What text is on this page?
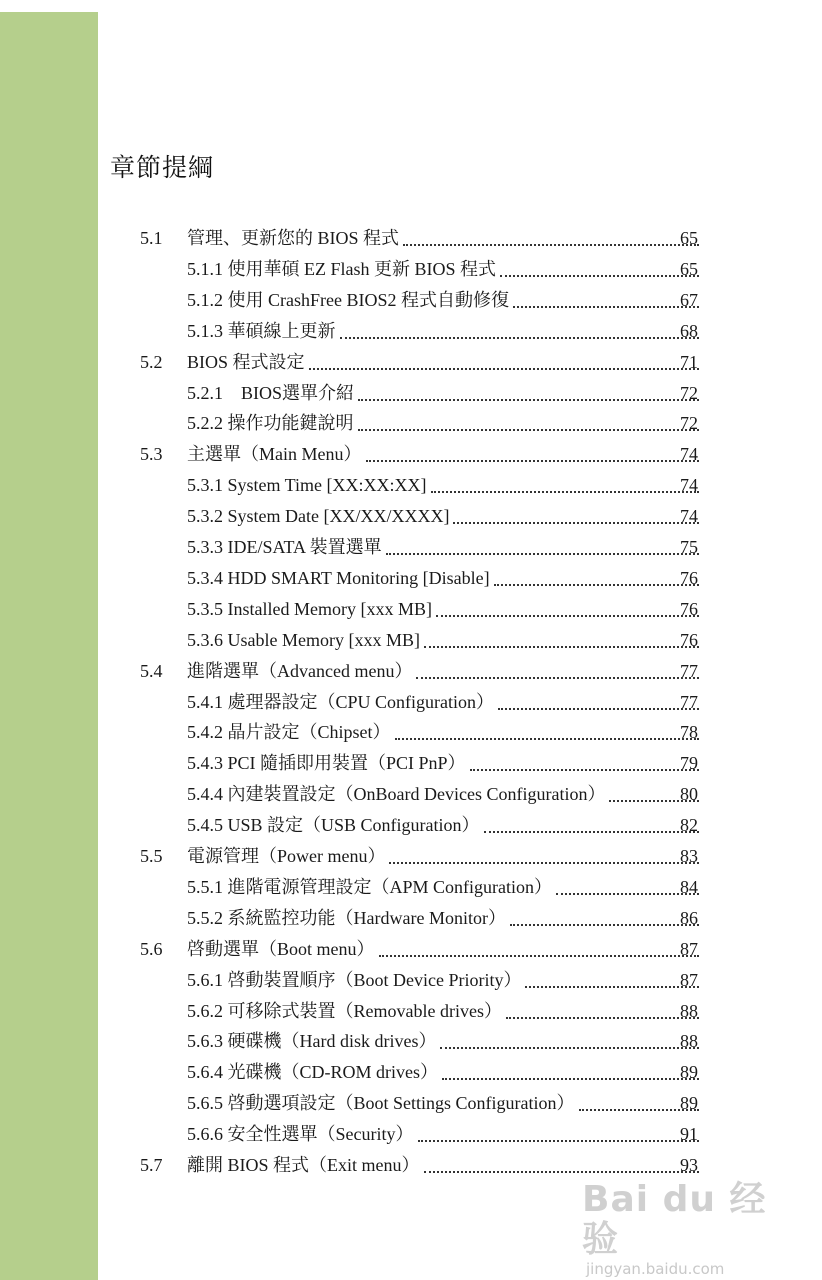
章節提綱
5.1 管理、更新您的 BIOS 程式	65
5.1.1 使用華碩 EZ Flash 更新 BIOS 程式	65
5.1.2 使用 CrashFree BIOS2 程式自動修復	67
5.1.3 華碩線上更新	68
5.2 BIOS 程式設定	71
5.2.1 BIOS選單介紹	72
5.2.2 操作功能鍵說明	72
5.3 主選單（Main Menu）	74
5.3.1 System Time [XX:XX:XX]	74
5.3.2 System Date [XX/XX/XXXX]	74
5.3.3 IDE/SATA 裝置選單	75
5.3.4 HDD SMART Monitoring [Disable]	76
5.3.5 Installed Memory [xxx MB]	76
5.3.6 Usable Memory [xxx MB]	76
5.4 進階選單（Advanced menu）	77
5.4.1 處理器設定（CPU Configuration）	77
5.4.2 晶片設定（Chipset）	78
5.4.3 PCI 隨插即用裝置（PCI PnP）	79
5.4.4 內建裝置設定（OnBoard Devices Configuration）	80
5.4.5 USB 設定（USB Configuration）	82
5.5 電源管理（Power menu）	83
5.5.1 進階電源管理設定（APM Configuration）	84
5.5.2 系統監控功能（Hardware Monitor）	86
5.6 啓動選單（Boot menu）	87
5.6.1 啓動裝置順序（Boot Device Priority）	87
5.6.2 可移除式裝置（Removable drives）	88
5.6.3 硬碟機（Hard disk drives）	88
5.6.4 光碟機（CD-ROM drives）	89
5.6.5 啓動選項設定（Boot Settings Configuration）	89
5.6.6 安全性選單（Security）	91
5.7 離開 BIOS 程式（Exit menu）	93
Bai du 经验
jingyan.baidu.com
